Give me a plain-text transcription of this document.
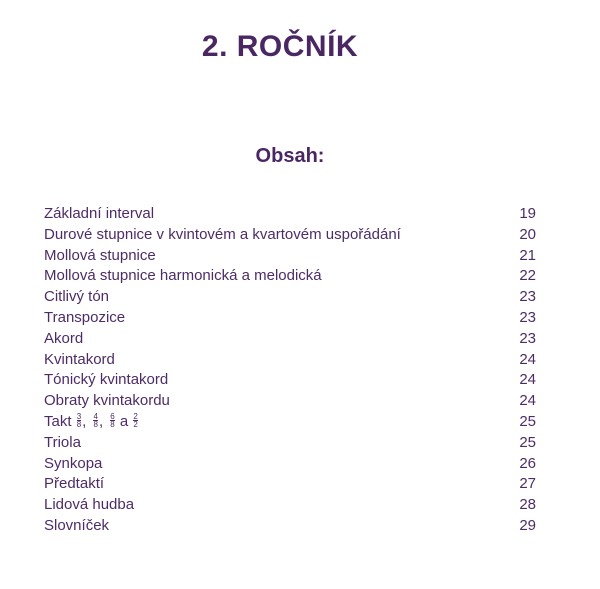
2. ROČNÍK
Obsah:
Základní interval	19
Durové stupnice v kvintovém a kvartovém uspořádání	20
Mollová stupnice	21
Mollová stupnice harmonická a melodická	22
Citlivý tón	23
Transpozice	23
Akord	23
Kvintakord	24
Tónický kvintakord	24
Obraty kvintakordu	24
Takt $\frac{3}{8}$ , $\frac{4}{8}$ , $\frac{6}{8}$ a $\frac{2}{2}$	25
Triola	25
Synkopa	26
Předtaktí	27
Lidová hudba	28
Slovníček	29
